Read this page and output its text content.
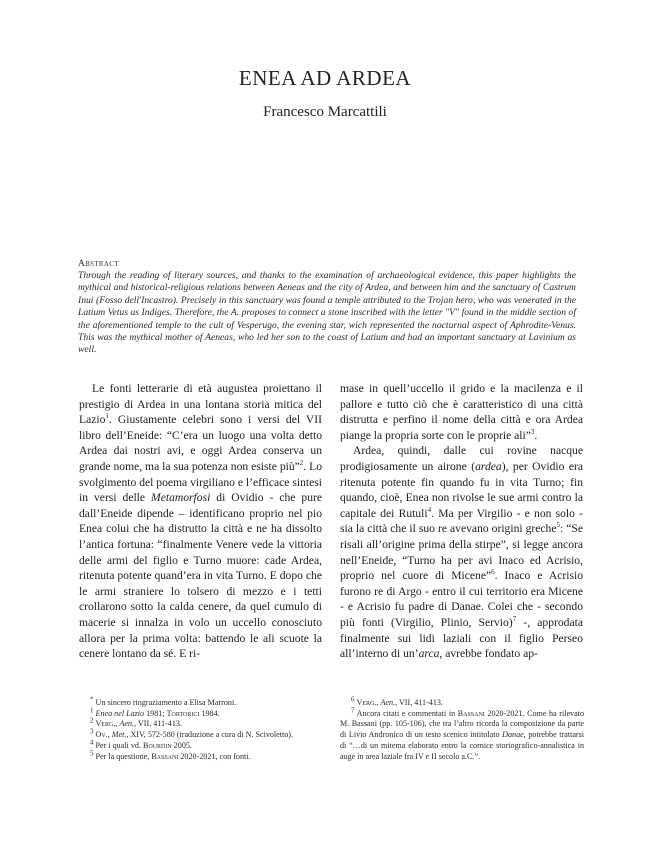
ENEA AD ARDEA
Francesco Marcattili
Abstract
Through the reading of literary sources, and thanks to the examination of archaeological evidence, this paper highlights the mythical and historical-religious relations between Aeneas and the city of Ardea, and between him and the sanctuary of Castrum Inui (Fosso dell'Incastro). Precisely in this sanctuary was found a temple attributed to the Trojan hero, who was venerated in the Latium Vetus as Indiges. Therefore, the A. proposes to connect a stone inscribed with the letter "V" found in the middle section of the aforementioned temple to the cult of Vesperugo, the evening star, wich represented the nocturnal aspect of Aphrodite-Venus. This was the mythical mother of Aeneas, who led her son to the coast of Latium and had an important sanctuary at Lavinium as well.

Le fonti letterarie di età augustea proiettano il prestigio di Ardea in una lontana storia mitica del Lazio$^1$. Giustamente celebri sono i versi del VII libro dell’Eneide: “C’era un luogo una volta detto Ardea dai nostri avi, e oggi Ardea conserva un grande nome, ma la sua potenza non esiste più”$^2$. Lo svolgimento del poema virgiliano e l’efficace sintesi in versi delle Metamorfosi di Ovidio - che pure dall’Eneide dipende – identificano proprio nel pio Enea colui che ha distrutto la città e ne ha dissolto l’antica fortuna: “finalmente Venere vede la vittoria delle armi del figlio e Turno muore: cade Ardea, ritenuta potente quand’era in vita Turno. E dopo che le armi straniere lo tolsero di mezzo e i tetti crollarono sotto la calda cenere, da quel cumulo di macerie si innalza in volo un uccello conosciuto allora per la prima volta: battendo le ali scuote la cenere lontano da sé. E ri-

mase in quell’uccello il grido e la macilenza e il pallore e tutto ciò che è caratteristico di una città distrutta e perfino il nome della città e ora Ardea piange la propria sorte con le proprie ali”$^3$.

Ardea, quindi, dalle cui rovine nacque prodigiosamente un airone (ardea), per Ovidio era ritenuta potente fin quando fu in vita Turno; fin quando, cioè, Enea non rivolse le sue armi contro la capitale dei Rutuli$^4$. Ma per Virgilio - e non solo - sia la città che il suo re avevano origini greche$^5$: “Se risali all’origine prima della stirpe”, si legge ancora nell’Eneide, “Turno ha per avi Inaco ed Acrisio, proprio nel cuore di Micene”$^6$. Inaco e Acrisio furono re di Argo - entro il cui territorio era Micene - e Acrisio fu padre di Danae. Colei che - secondo più fonti (Virgilio, Plinio, Servio)$^7$ -, approdata finalmente sui lidi laziali con il figlio Perseo all’interno di un’arca, avrebbe fondato ap-

* Un sincero ringraziamento a Elisa Marroni.
$^1$ Enea nel Lazio 1981; Tortorici 1984.
$^2$ Verg., Aen., VII, 411-413.
$^3$ Ov., Met., XIV, 572-580 (traduzione a cura di N. Scivoletto).
$^4$ Per i quali vd. Bourdin 2005.
$^5$ Per la questione, Bassani 2020-2021, con fonti.
$^6$ Verg., Aen., VII, 411-413.
$^7$ Ancora citati e commentati in Bassani 2020-2021. Come ha rilevato M. Bassani (pp. 105-106), che tra l’altro ricorda la composizione da parte di Livio Andronico di un testo scenico intitolato Danae, potrebbe trattarsi di “…di un mitema elaborato entro la cornice storiografico-annalistica in auge in area laziale fra IV e II secolo a.C.”.
